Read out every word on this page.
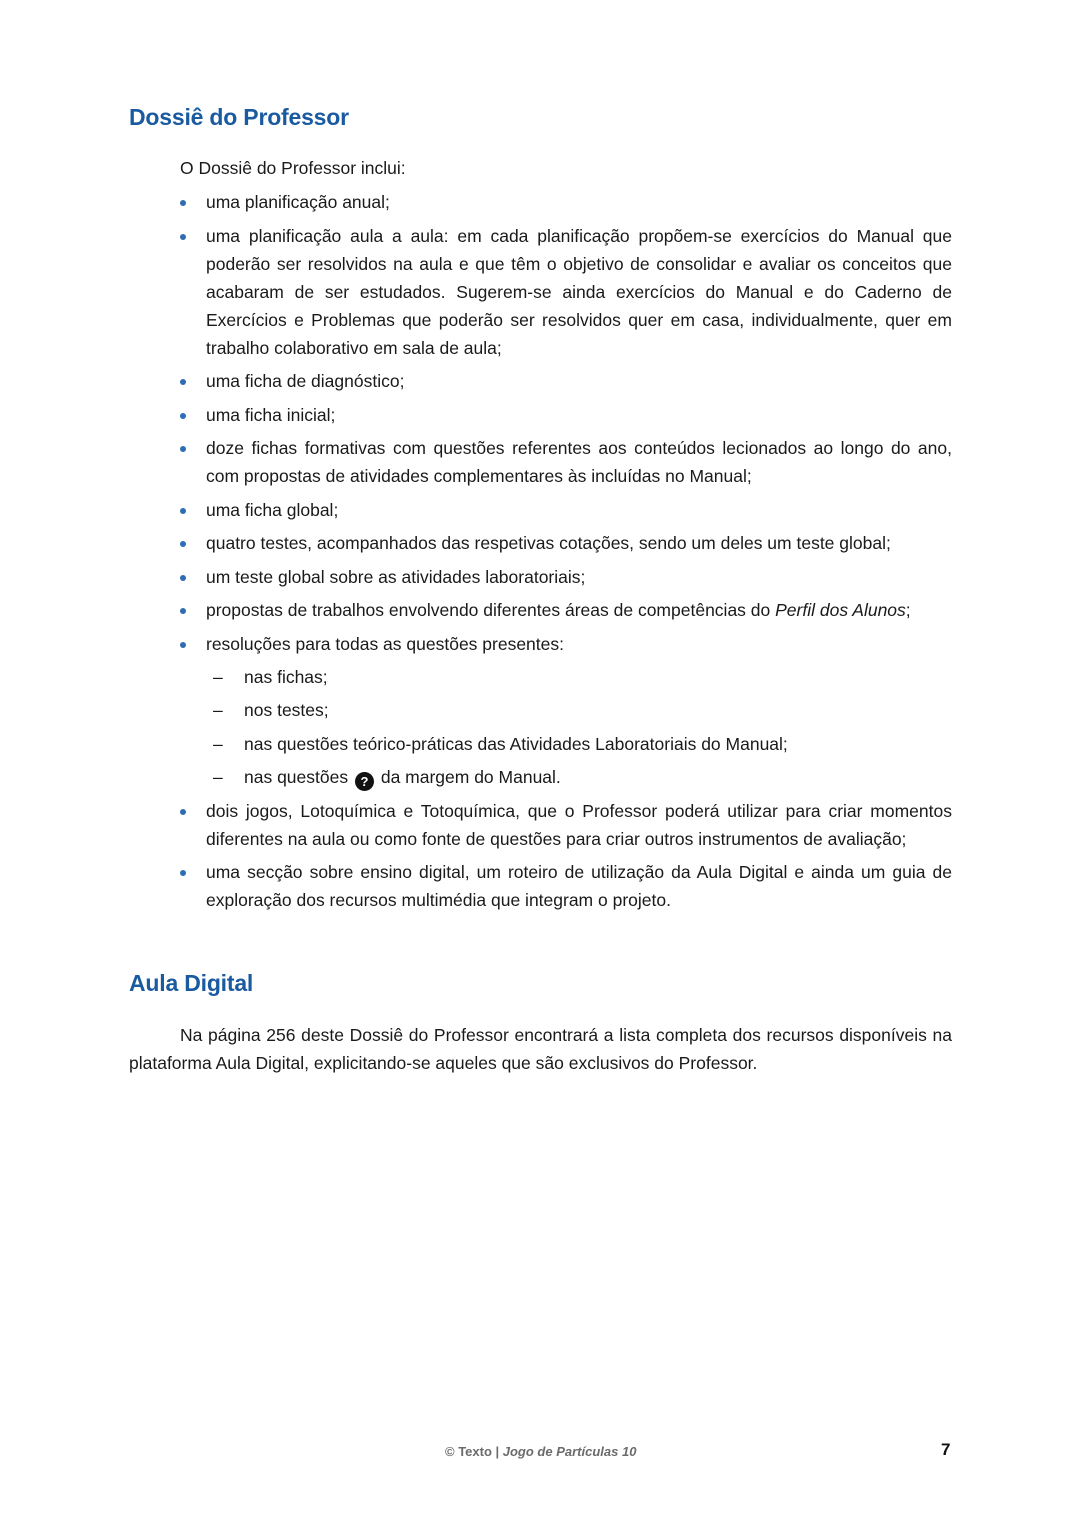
Dossiê do Professor

O Dossiê do Professor inclui:

uma planificação anual;
uma planificação aula a aula: em cada planificação propõem-se exercícios do Manual que poderão ser resolvidos na aula e que têm o objetivo de consolidar e avaliar os conceitos que acabaram de ser estudados. Sugerem-se ainda exercícios do Manual e do Caderno de Exercícios e Problemas que poderão ser resolvidos quer em casa, individualmente, quer em trabalho colaborativo em sala de aula;
uma ficha de diagnóstico;
uma ficha inicial;
doze fichas formativas com questões referentes aos conteúdos lecionados ao longo do ano, com propostas de atividades complementares às incluídas no Manual;
uma ficha global;
quatro testes, acompanhados das respetivas cotações, sendo um deles um teste global;
um teste global sobre as atividades laboratoriais;
propostas de trabalhos envolvendo diferentes áreas de competências do Perfil dos Alunos;
resoluções para todas as questões presentes:
– nas fichas;
– nos testes;
– nas questões teórico-práticas das Atividades Laboratoriais do Manual;
– nas questões ? da margem do Manual.
dois jogos, Lotoquímica e Totoquímica, que o Professor poderá utilizar para criar momentos diferentes na aula ou como fonte de questões para criar outros instrumentos de avaliação;
uma secção sobre ensino digital, um roteiro de utilização da Aula Digital e ainda um guia de exploração dos recursos multimédia que integram o projeto.
Aula Digital

Na página 256 deste Dossiê do Professor encontrará a lista completa dos recursos disponíveis na plataforma Aula Digital, explicitando-se aqueles que são exclusivos do Professor.

© Texto | Jogo de Partículas 10	7
